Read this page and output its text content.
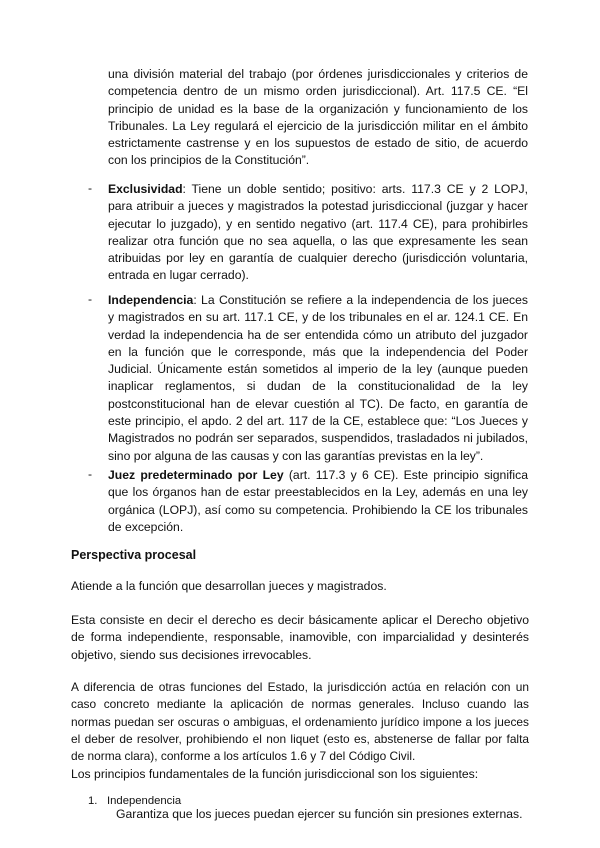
una división material del trabajo (por órdenes jurisdiccionales y criterios de competencia dentro de un mismo orden jurisdiccional). Art. 117.5 CE. “El principio de unidad es la base de la organización y funcionamiento de los Tribunales. La Ley regulará el ejercicio de la jurisdicción militar en el ámbito estrictamente castrense y en los supuestos de estado de sitio, de acuerdo con los principios de la Constitución”.

- Exclusividad: Tiene un doble sentido; positivo: arts. 117.3 CE y 2 LOPJ, para atribuir a jueces y magistrados la potestad jurisdiccional (juzgar y hacer ejecutar lo juzgado), y en sentido negativo (art. 117.4 CE), para prohibirles realizar otra función que no sea aquella, o las que expresamente les sean atribuidas por ley en garantía de cualquier derecho (jurisdicción voluntaria, entrada en lugar cerrado).

- Independencia: La Constitución se refiere a la independencia de los jueces y magistrados en su art. 117.1 CE, y de los tribunales en el ar. 124.1 CE. En verdad la independencia ha de ser entendida cómo un atributo del juzgador en la función que le corresponde, más que la independencia del Poder Judicial. Únicamente están sometidos al imperio de la ley (aunque pueden inaplicar reglamentos, si dudan de la constitucionalidad de la ley postconstitucional han de elevar cuestión al TC). De facto, en garantía de este principio, el apdo. 2 del art. 117 de la CE, establece que: “Los Jueces y Magistrados no podrán ser separados, suspendidos, trasladados ni jubilados, sino por alguna de las causas y con las garantías previstas en la ley”.

- Juez predeterminado por Ley (art. 117.3 y 6 CE). Este principio significa que los órganos han de estar preestablecidos en la Ley, además en una ley orgánica (LOPJ), así como su competencia. Prohibiendo la CE los tribunales de excepción.

Perspectiva procesal

Atiende a la función que desarrollan jueces y magistrados.

Esta consiste en decir el derecho es decir básicamente aplicar el Derecho objetivo de forma independiente, responsable, inamovible, con imparcialidad y desinterés objetivo, siendo sus decisiones irrevocables.

A diferencia de otras funciones del Estado, la jurisdicción actúa en relación con un caso concreto mediante la aplicación de normas generales. Incluso cuando las normas puedan ser oscuras o ambiguas, el ordenamiento jurídico impone a los jueces el deber de resolver, prohibiendo el non liquet (esto es, abstenerse de fallar por falta de norma clara), conforme a los artículos 1.6 y 7 del Código Civil.

Los principios fundamentales de la función jurisdiccional son los siguientes:

1. Independencia
Garantiza que los jueces puedan ejercer su función sin presiones externas.
